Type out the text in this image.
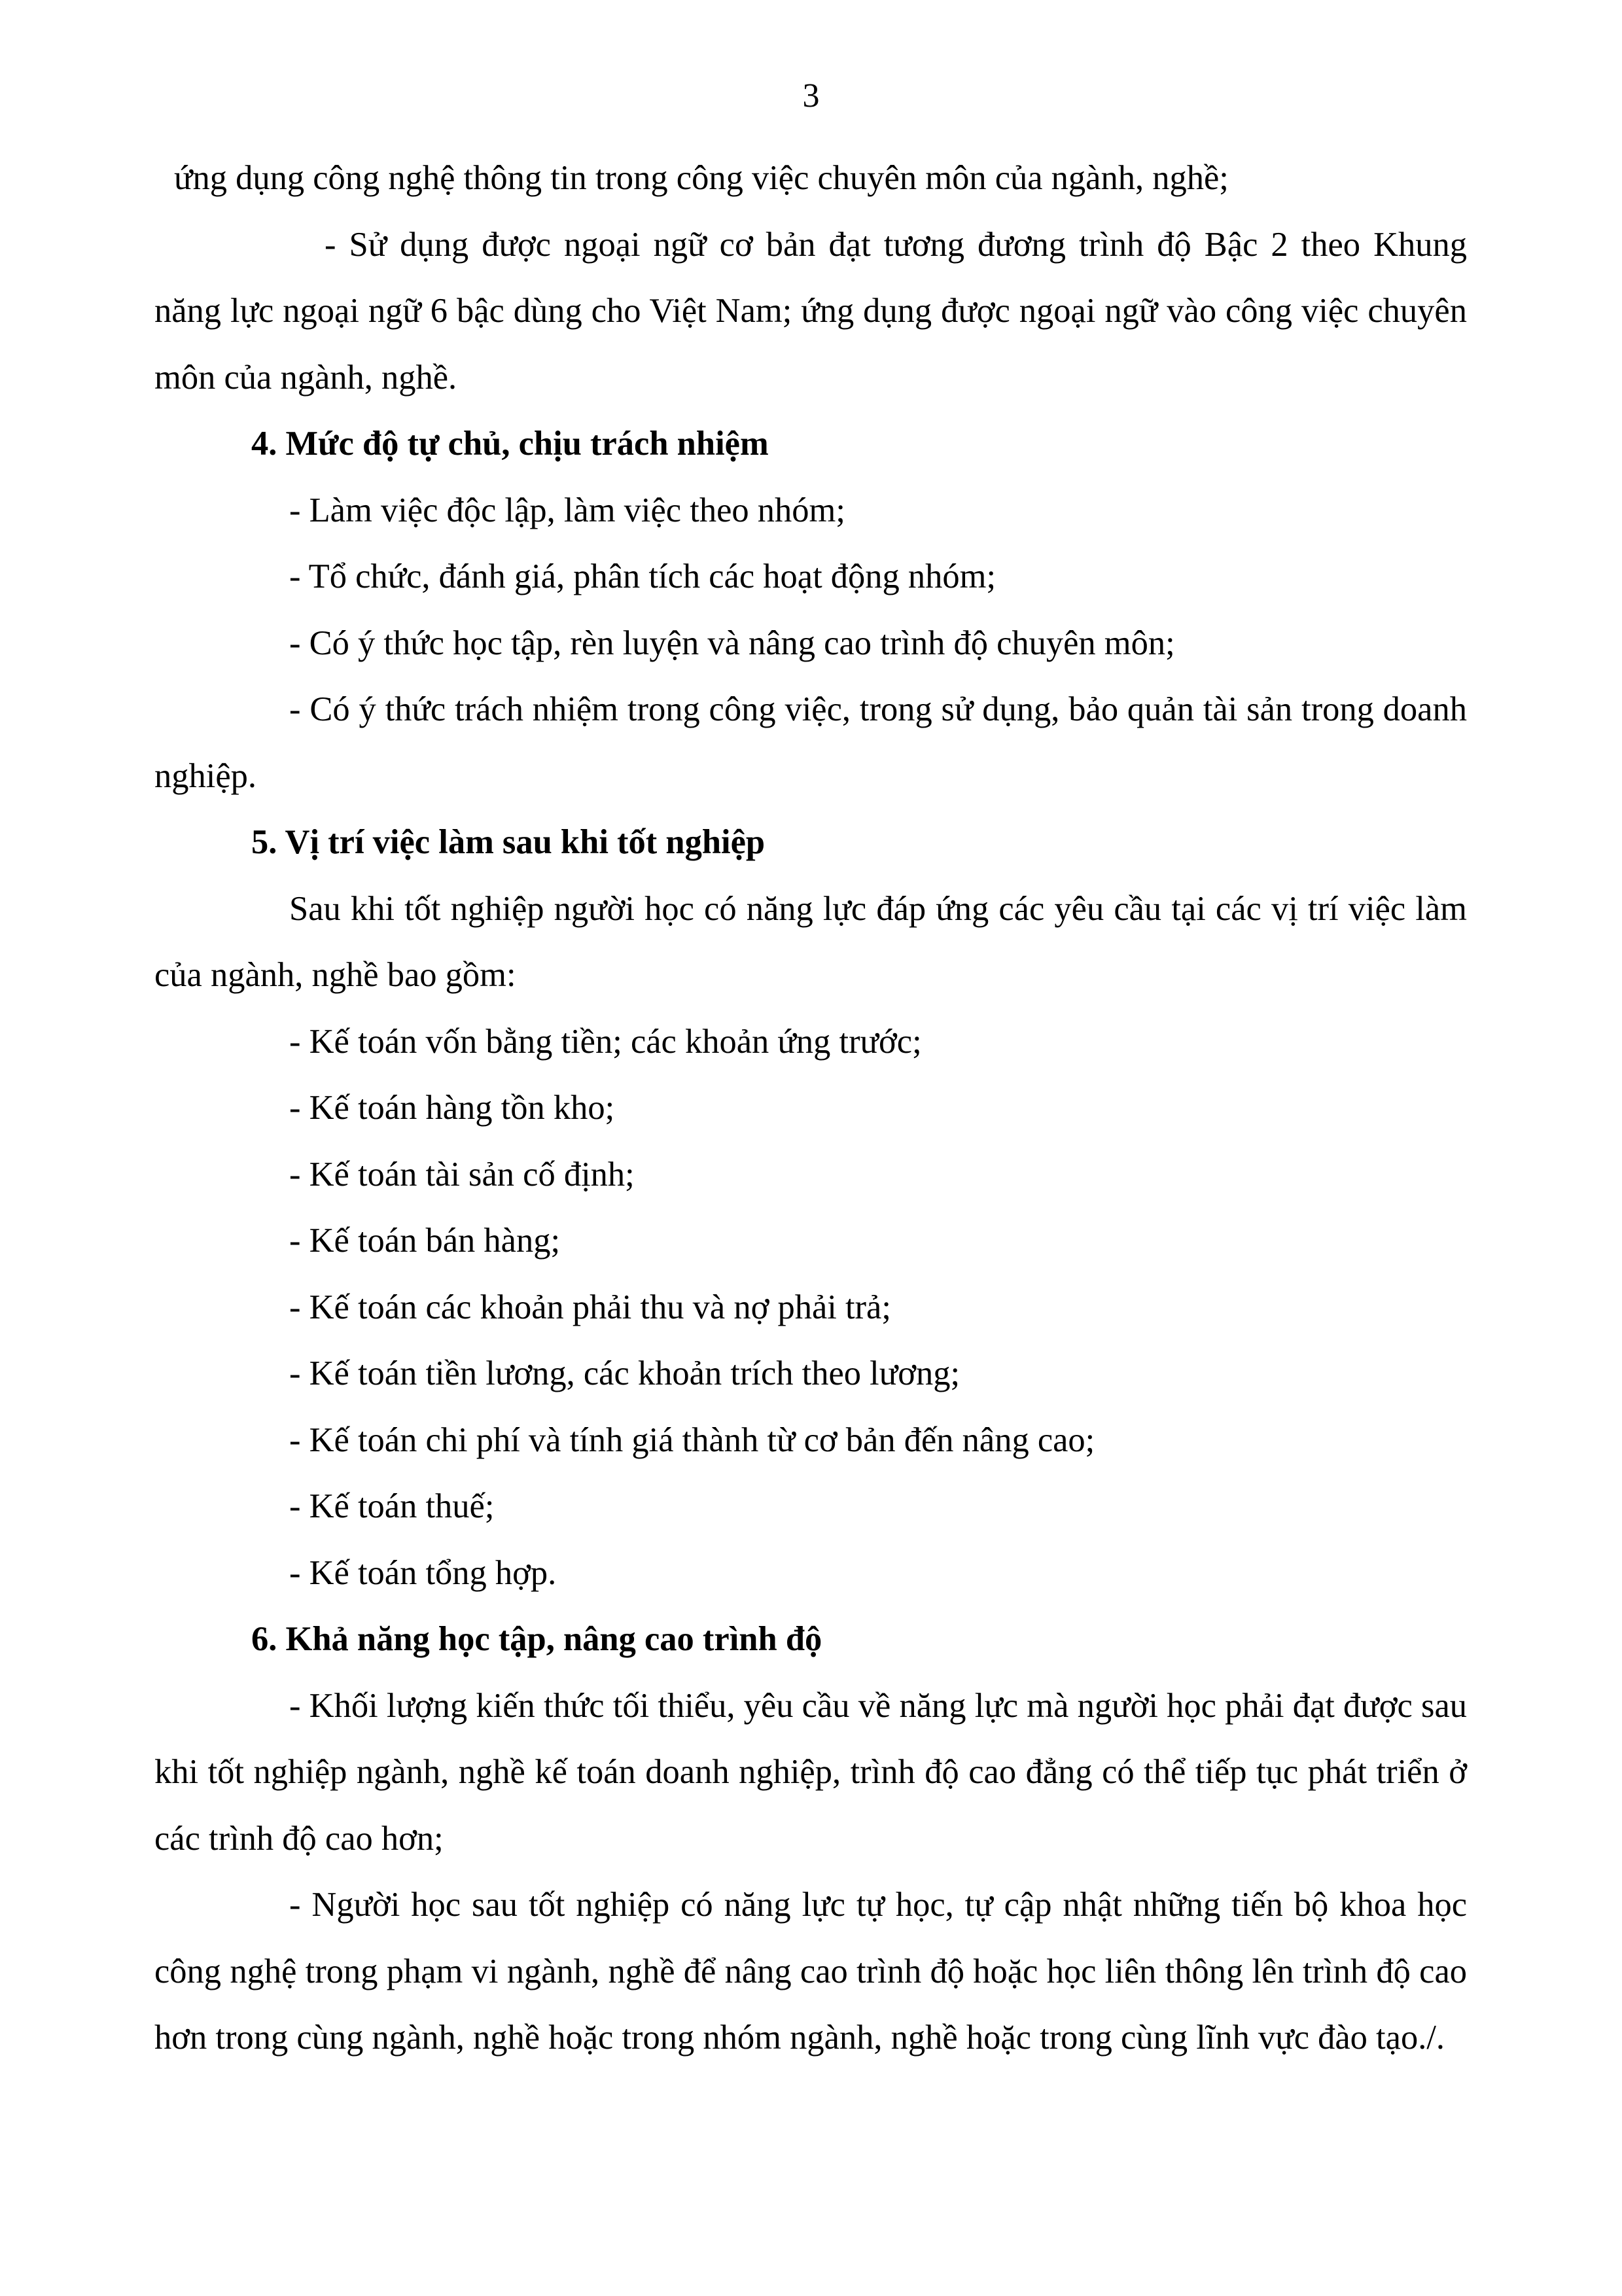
3

ứng dụng công nghệ thông tin trong công việc chuyên môn của ngành, nghề;

- Sử dụng được ngoại ngữ cơ bản đạt tương đương trình độ Bậc 2 theo Khung năng lực ngoại ngữ 6 bậc dùng cho Việt Nam; ứng dụng được ngoại ngữ vào công việc chuyên môn của ngành, nghề.

4. Mức độ tự chủ, chịu trách nhiệm
- Làm việc độc lập, làm việc theo nhóm;
- Tổ chức, đánh giá, phân tích các hoạt động nhóm;
- Có ý thức học tập, rèn luyện và nâng cao trình độ chuyên môn;

- Có ý thức trách nhiệm trong công việc, trong sử dụng, bảo quản tài sản trong doanh nghiệp.

5. Vị trí việc làm sau khi tốt nghiệp

Sau khi tốt nghiệp người học có năng lực đáp ứng các yêu cầu tại các vị trí việc làm của ngành, nghề bao gồm:

- Kế toán vốn bằng tiền; các khoản ứng trước;
- Kế toán hàng tồn kho;
- Kế toán tài sản cố định;
- Kế toán bán hàng;
- Kế toán các khoản phải thu và nợ phải trả;
- Kế toán tiền lương, các khoản trích theo lương;
- Kế toán chi phí và tính giá thành từ cơ bản đến nâng cao;
- Kế toán thuế;
- Kế toán tổng hợp.
6. Khả năng học tập, nâng cao trình độ

- Khối lượng kiến thức tối thiểu, yêu cầu về năng lực mà người học phải đạt được sau khi tốt nghiệp ngành, nghề kế toán doanh nghiệp, trình độ cao đẳng có thể tiếp tục phát triển ở các trình độ cao hơn;

- Người học sau tốt nghiệp có năng lực tự học, tự cập nhật những tiến bộ khoa học công nghệ trong phạm vi ngành, nghề để nâng cao trình độ hoặc học liên thông lên trình độ cao hơn trong cùng ngành, nghề hoặc trong nhóm ngành, nghề hoặc trong cùng lĩnh vực đào tạo./.
